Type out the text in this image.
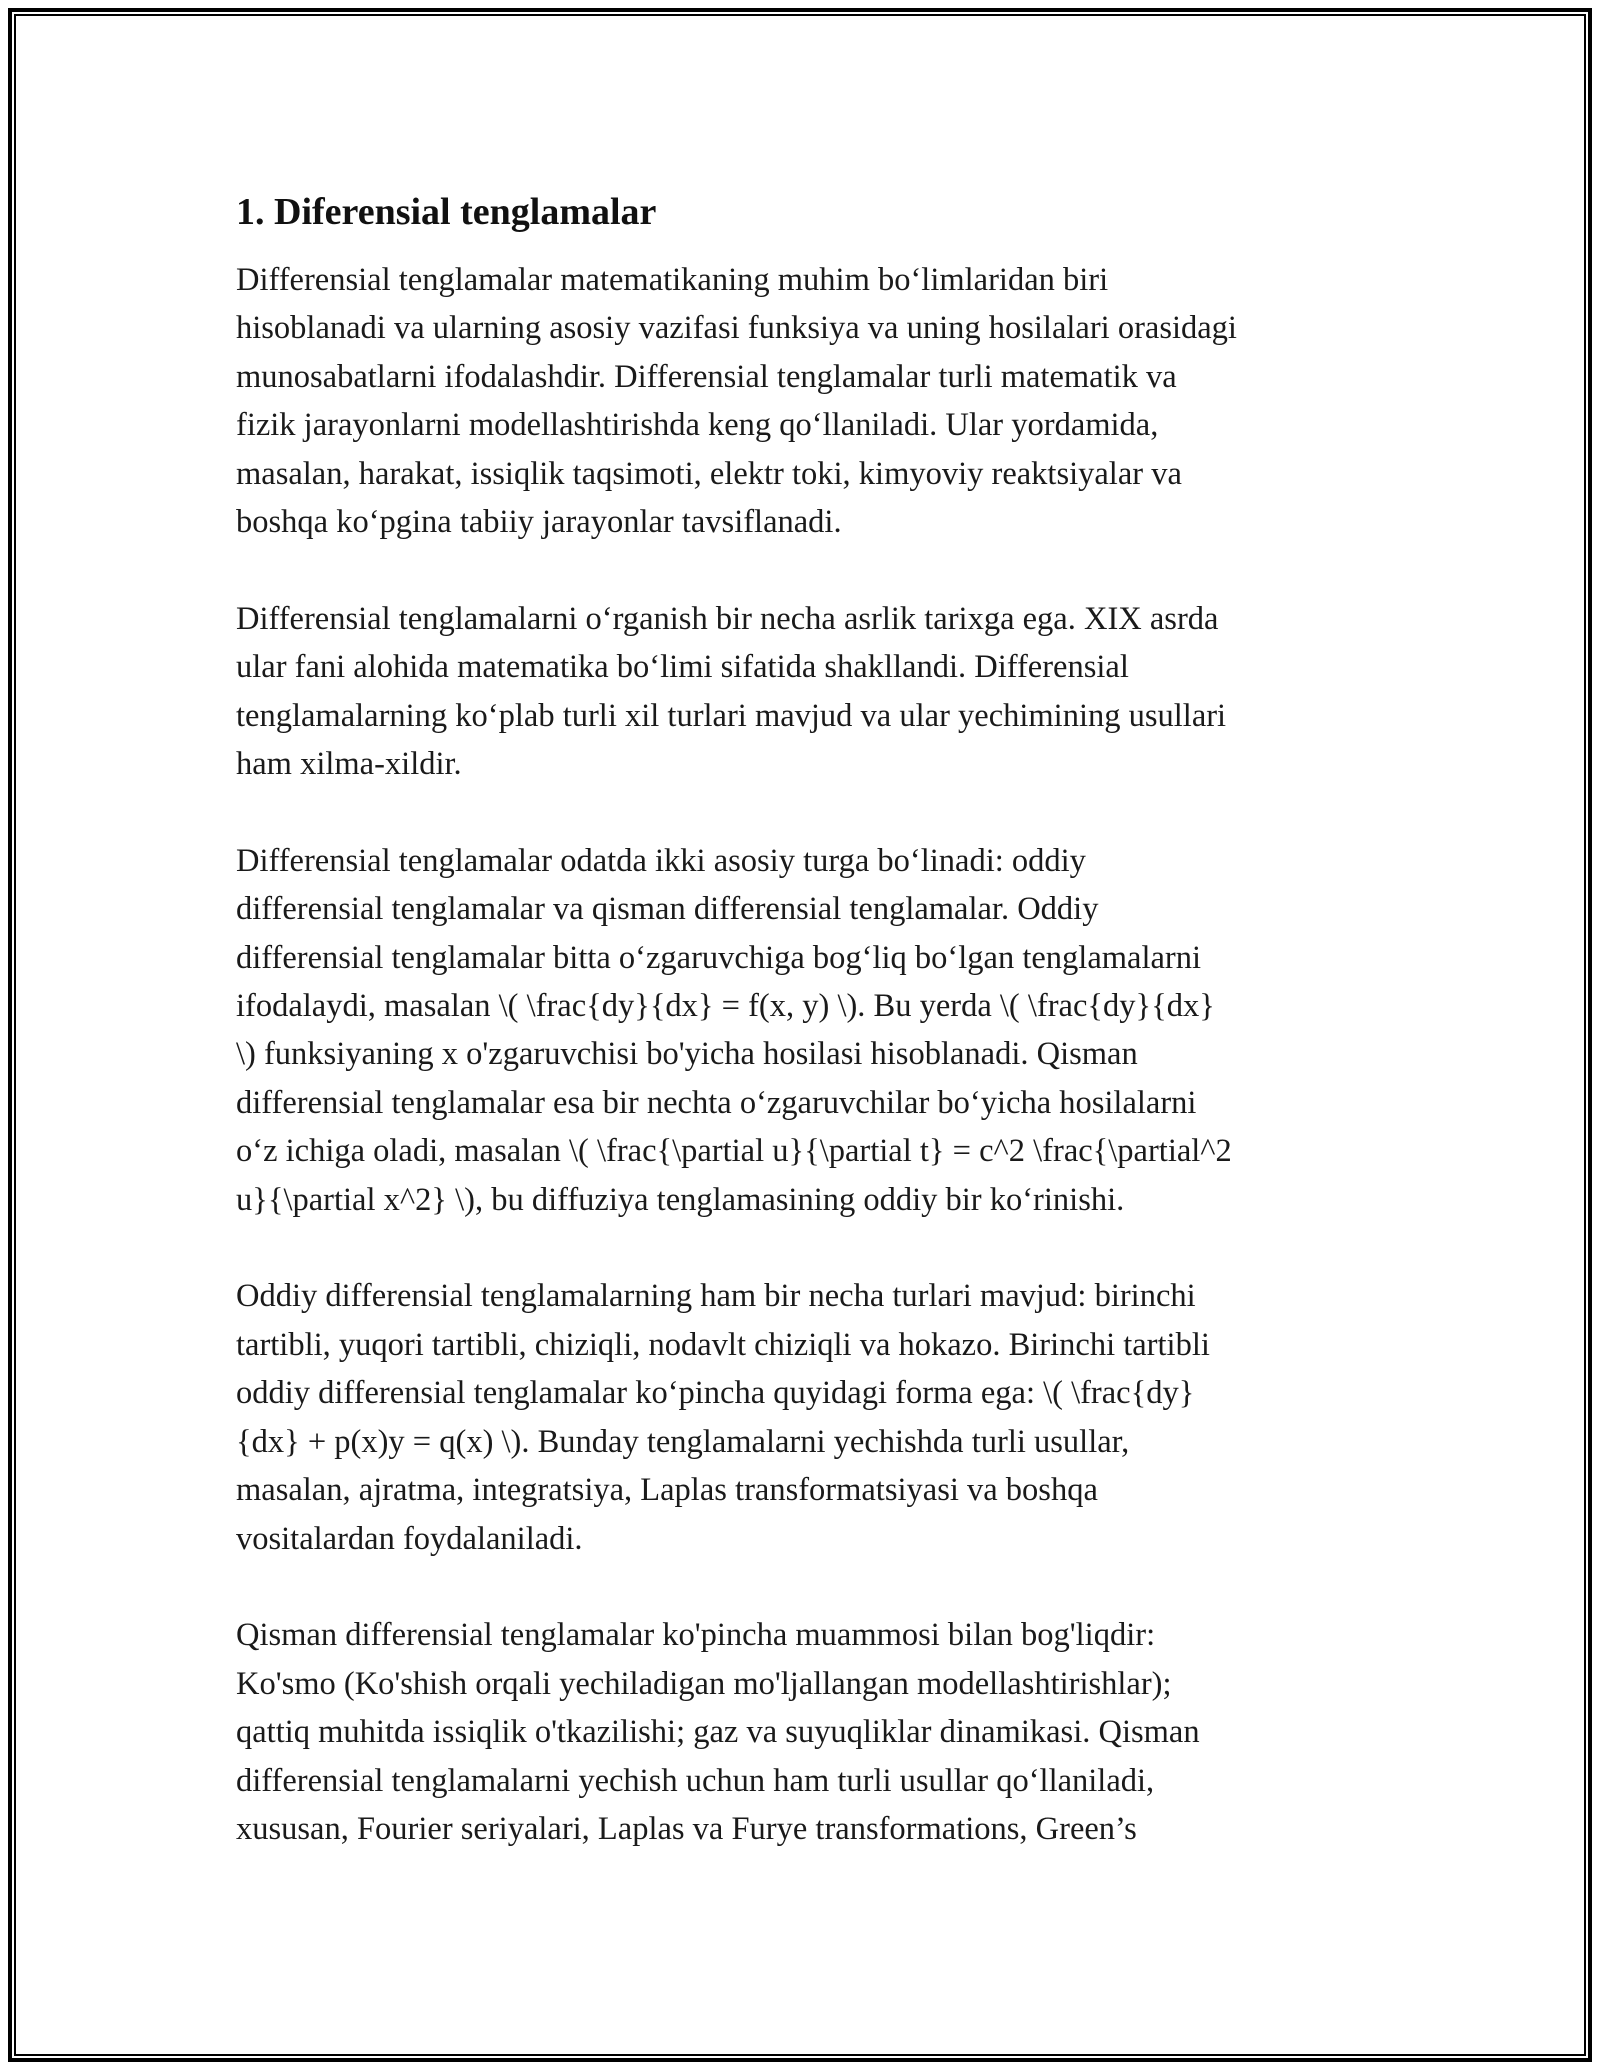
1. Diferensial tenglamalar

Differensial tenglamalar matematikaning muhim bo‘limlaridan biri
hisoblanadi va ularning asosiy vazifasi funksiya va uning hosilalari orasidagi
munosabatlarni ifodalashdir. Differensial tenglamalar turli matematik va
fizik jarayonlarni modellashtirishda keng qo‘llaniladi. Ular yordamida,
masalan, harakat, issiqlik taqsimoti, elektr toki, kimyoviy reaktsiyalar va
boshqa ko‘pgina tabiiy jarayonlar tavsiflanadi.

Differensial tenglamalarni o‘rganish bir necha asrlik tarixga ega. XIX asrda
ular fani alohida matematika bo‘limi sifatida shakllandi. Differensial
tenglamalarning ko‘plab turli xil turlari mavjud va ular yechimining usullari
ham xilma-xildir.

Differensial tenglamalar odatda ikki asosiy turga bo‘linadi: oddiy
differensial tenglamalar va qisman differensial tenglamalar. Oddiy
differensial tenglamalar bitta o‘zgaruvchiga bog‘liq bo‘lgan tenglamalarni
ifodalaydi, masalan \( \frac{dy}{dx} = f(x, y) \). Bu yerda \( \frac{dy}{dx}
\) funksiyaning x o'zgaruvchisi bo'yicha hosilasi hisoblanadi. Qisman
differensial tenglamalar esa bir nechta o‘zgaruvchilar bo‘yicha hosilalarni
o‘z ichiga oladi, masalan \( \frac{\partial u}{\partial t} = c^2 \frac{\partial^2
u}{\partial x^2} \), bu diffuziya tenglamasining oddiy bir ko‘rinishi.

Oddiy differensial tenglamalarning ham bir necha turlari mavjud: birinchi
tartibli, yuqori tartibli, chiziqli, nodavlt chiziqli va hokazo. Birinchi tartibli
oddiy differensial tenglamalar ko‘pincha quyidagi forma ega: \( \frac{dy}
{dx} + p(x)y = q(x) \). Bunday tenglamalarni yechishda turli usullar,
masalan, ajratma, integratsiya, Laplas transformatsiyasi va boshqa
vositalardan foydalaniladi.

Qisman differensial tenglamalar ko'pincha muammosi bilan bog'liqdir:
Ko'smo (Ko'shish orqali yechiladigan mo'ljallangan modellashtirishlar);
qattiq muhitda issiqlik o'tkazilishi; gaz va suyuqliklar dinamikasi. Qisman
differensial tenglamalarni yechish uchun ham turli usullar qo‘llaniladi,
xususan, Fourier seriyalari, Laplas va Furye transformations, Green’s
